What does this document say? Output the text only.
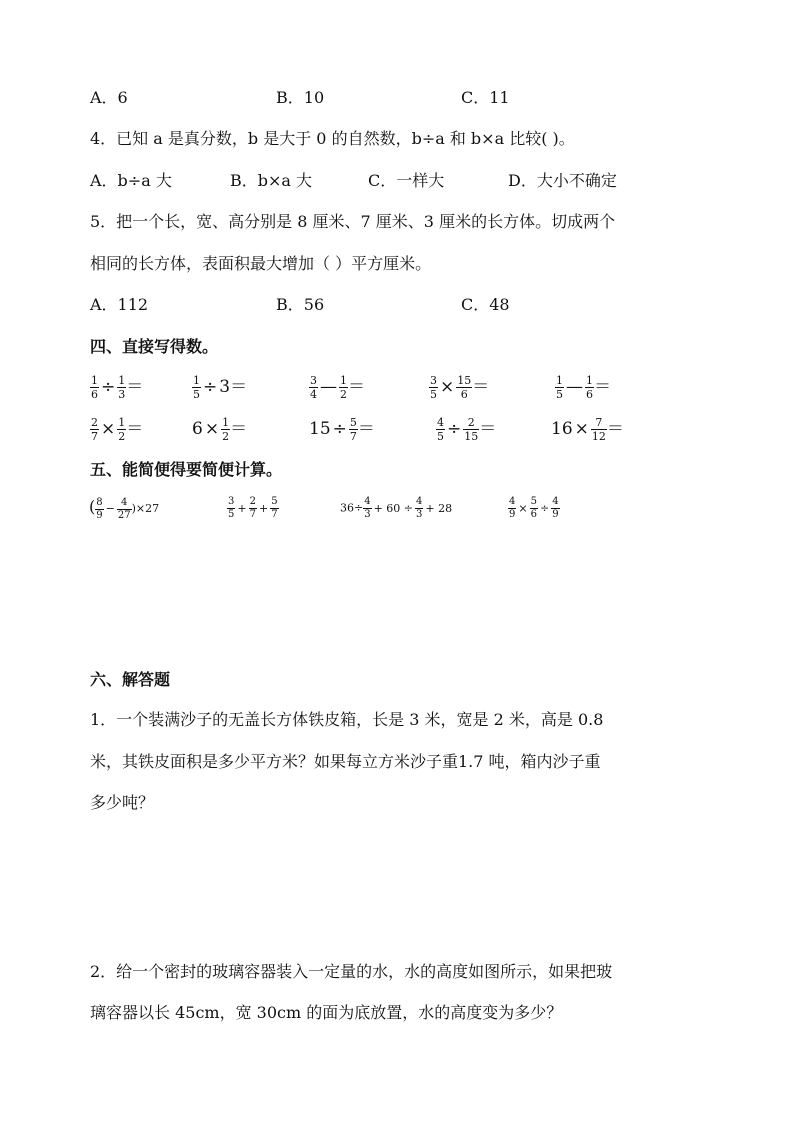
A．6	B．10	C．11
4．已知 a 是真分数，b 是大于 0 的自然数，b÷a 和 b×a 比较( )。
A．b÷a 大	B．b×a 大	C．一样大	D．大小不确定
5．把一个长，宽、高分别是 8 厘米、7 厘米、3 厘米的长方体。切成两个
相同的长方体，表面积最大增加（ ）平方厘米。
A．112	B．56	C．48
四、直接写得数。
$\frac{1}{6} \div \frac{1}{3}$ ＝	$\frac{1}{5} \div 3=$	$\frac{3}{4}$ — $\frac{1}{2}$ ＝	$\frac{3}{5} \times \frac{15}{6}$ ＝	$\frac{1}{5}$ — $\frac{1}{6}$ ＝
$\frac{2}{7} \times \frac{1}{2}$ ＝	$6 \times \frac{1}{2}$ ＝	$15 \div \frac{5}{7}$ ＝	$\frac{4}{5} \div \frac{2}{15}$ ＝	$16 \times \frac{7}{12}$ ＝
五、能简便得要简便计算。
( $\frac{8}{9} - \frac{4}{27} )\times 27$	$\frac{3}{5} + \frac{2}{7} + \frac{5}{7}$	$36\div \frac{4}{3} + 60 \div \frac{4}{3} + 28$	$\frac{4}{9} \times \frac{5}{6} \div \frac{4}{9}$
六、解答题
1．一个装满沙子的无盖长方体铁皮箱，长是 3 米，宽是 2 米，高是 0.8
米，其铁皮面积是多少平方米？如果每立方米沙子重1.7 吨，箱内沙子重
多少吨？
2．给一个密封的玻璃容器装入一定量的水，水的高度如图所示，如果把玻
璃容器以长 45cm，宽 30cm 的面为底放置，水的高度变为多少？
